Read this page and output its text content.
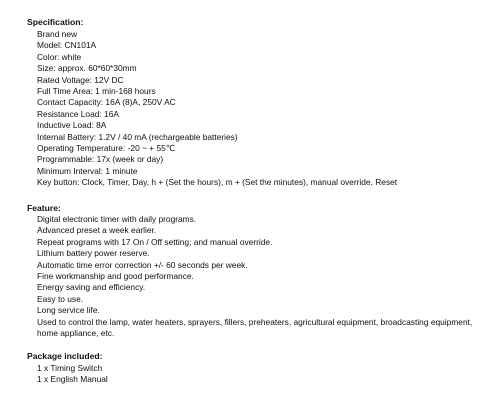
Specification:
Brand new
Model: CN101A
Color: white
Size: approx. 60*60*30mm
Rated Voltage: 12V DC
Full Time Area: 1 min-168 hours
Contact Capacity: 16A (8)A, 250V AC
Resistance Load: 16A
Inductive Load: 8A
Internal Battery: 1.2V / 40 mA (rechargeable batteries)
Operating Temperature: -20 ~ + 55℃
Programmable: 17x (week or day)
Minimum Interval: 1 minute
Key button: Clock, Timer, Day, h + (Set the hours), m + (Set the minutes), manual override, Reset
Feature:
Digital electronic timer with daily programs.
Advanced preset a week earlier.
Repeat programs with 17 On / Off setting; and manual override.
Lithium battery power reserve.
Automatic time error correction +/- 60 seconds per week.
Fine workmanship and good performance.
Energy saving and efficiency.
Easy to use.
Long service life.
Used to control the lamp, water heaters, sprayers, fillers, preheaters, agricultural equipment, broadcasting equipment, home appliance, etc.
Package included:
1 x Timing Switch
1 x English Manual
